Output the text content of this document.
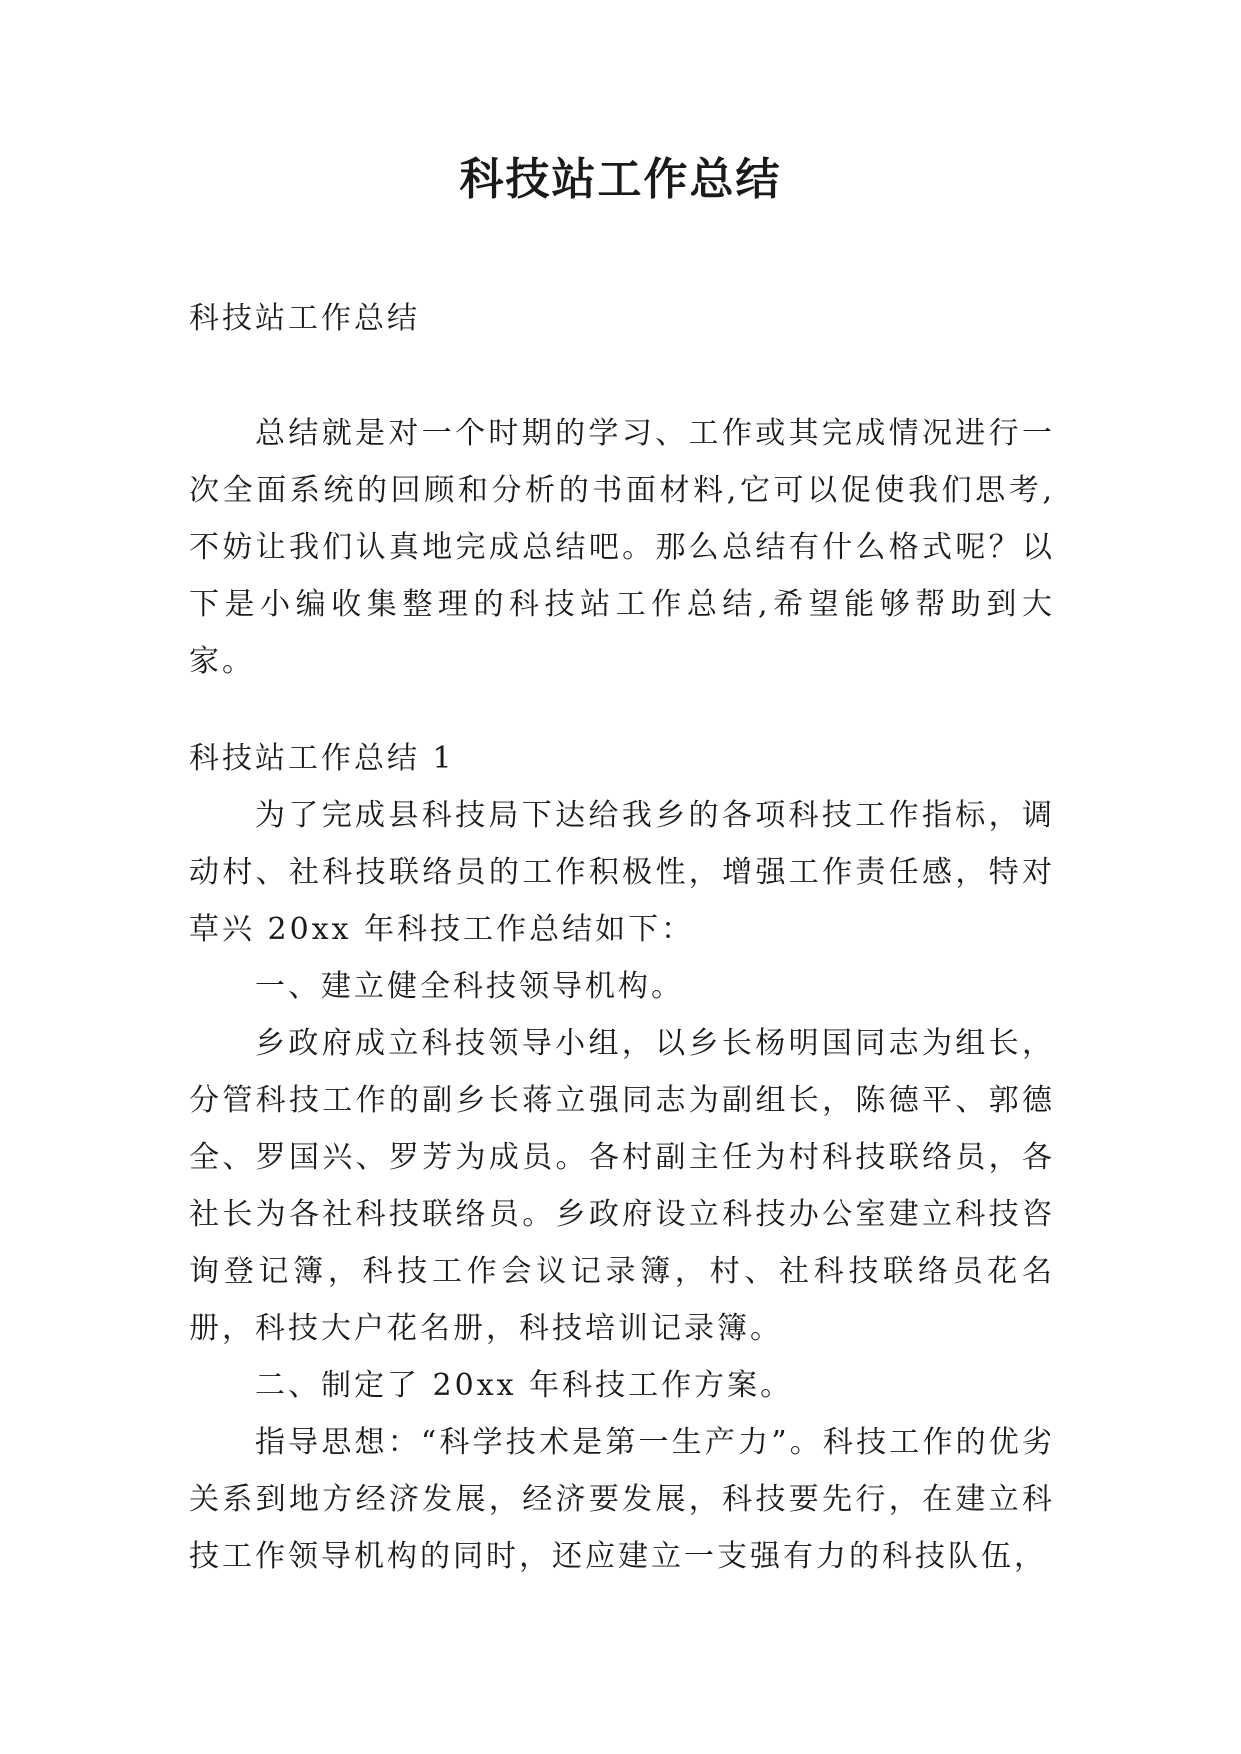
科技站工作总结

科技站工作总结

总结就是对一个时期的学习、工作或其完成情况进行一次全面系统的回顾和分析的书面材料,它可以促使我们思考,不妨让我们认真地完成总结吧。那么总结有什么格式呢？以下是小编收集整理的科技站工作总结,希望能够帮助到大家。

科技站工作总结 1

为了完成县科技局下达给我乡的各项科技工作指标，调动村、社科技联络员的工作积极性，增强工作责任感，特对草兴 20xx 年科技工作总结如下：

一、建立健全科技领导机构。

乡政府成立科技领导小组，以乡长杨明国同志为组长，分管科技工作的副乡长蒋立强同志为副组长，陈德平、郭德全、罗国兴、罗芳为成员。各村副主任为村科技联络员，各社长为各社科技联络员。乡政府设立科技办公室建立科技咨询登记簿，科技工作会议记录簿，村、社科技联络员花名册，科技大户花名册，科技培训记录簿。

二、制定了 20xx 年科技工作方案。

指导思想：“科学技术是第一生产力”。科技工作的优劣关系到地方经济发展，经济要发展，科技要先行，在建立科技工作领导机构的同时，还应建立一支强有力的科技队伍，
